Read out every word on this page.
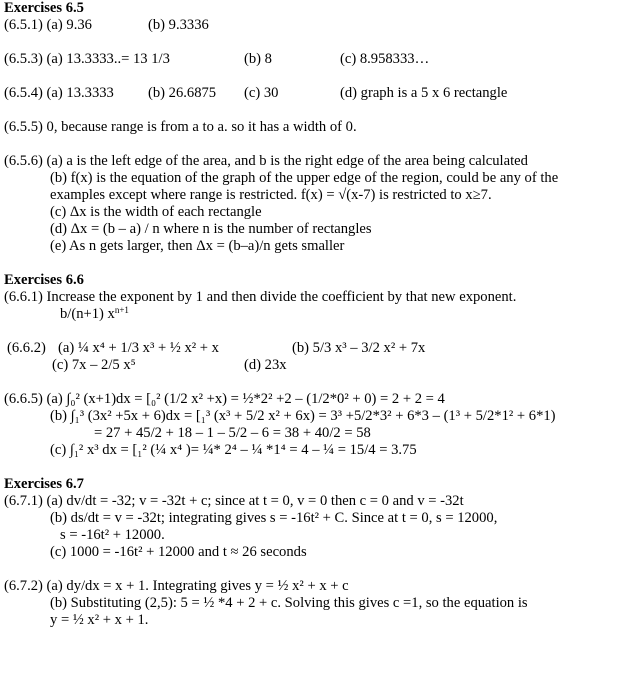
Exercises 6.5
(6.5.1) (a) 9.36	(b) 9.3336
(6.5.3) (a) 13.3333..= 13 1/3	(b) 8	(c) 8.958333…
(6.5.4) (a) 13.3333 (b) 26.6875 (c) 30	(d) graph is a 5 x 6 rectangle
(6.5.5) 0, because range is from a to a. so it has a width of 0.
(6.5.6) (a) a is the left edge of the area, and b is the right edge of the area being calculated
(b) f(x) is the equation of the graph of the upper edge of the region, could be any of the
examples except where range is restricted. f(x) = √(x-7) is restricted to x≥7.
(c) Δx is the width of each rectangle
(d) Δx = (b – a) / n where n is the number of rectangles
(e) As n gets larger, then Δx = (b–a)/n gets smaller
Exercises 6.6
(6.6.1) Increase the exponent by 1 and then divide the coefficient by that new exponent.
b/(n+1) $x^{n+1}$
(6.6.2) (a) ¼ x⁴ + 1/3 x³ + ½ x² + x	(b) 5/3 x³ – 3/2 x² + 7x
(c) 7x – 2/5 x⁵	(d) 23x
(6.6.5) (a) ∫₀² (x+1)dx = [₀² (1/2 x² +x) = ½*2² +2 – (1/2*0² + 0) = 2 + 2 = 4
(b) ∫₁³ (3x² +5x + 6)dx = [₁³ (x³ + 5/2 x² + 6x) = 3³ +5/2*3² + 6*3 – (1³ + 5/2*1² + 6*1)
= 27 + 45/2 + 18 – 1 – 5/2 – 6 = 38 + 40/2 = 58
(c) ∫₁² x³ dx = [₁² (¼ x⁴ )= ¼* 2⁴ – ¼ *1⁴ = 4 – ¼ = 15/4 = 3.75
Exercises 6.7
(6.7.1) (a) dv/dt = -32; v = -32t + c; since at t = 0, v = 0 then c = 0 and v = -32t
(b) ds/dt = v = -32t; integrating gives s = -16t² + C. Since at t = 0, s = 12000,
s = -16t² + 12000.
(c) 1000 = -16t² + 12000 and t ≈ 26 seconds
(6.7.2) (a) dy/dx = x + 1. Integrating gives y = ½ x² + x + c
(b) Substituting (2,5): 5 = ½ *4 + 2 + c. Solving this gives c =1, so the equation is
y = ½ x² + x + 1.
